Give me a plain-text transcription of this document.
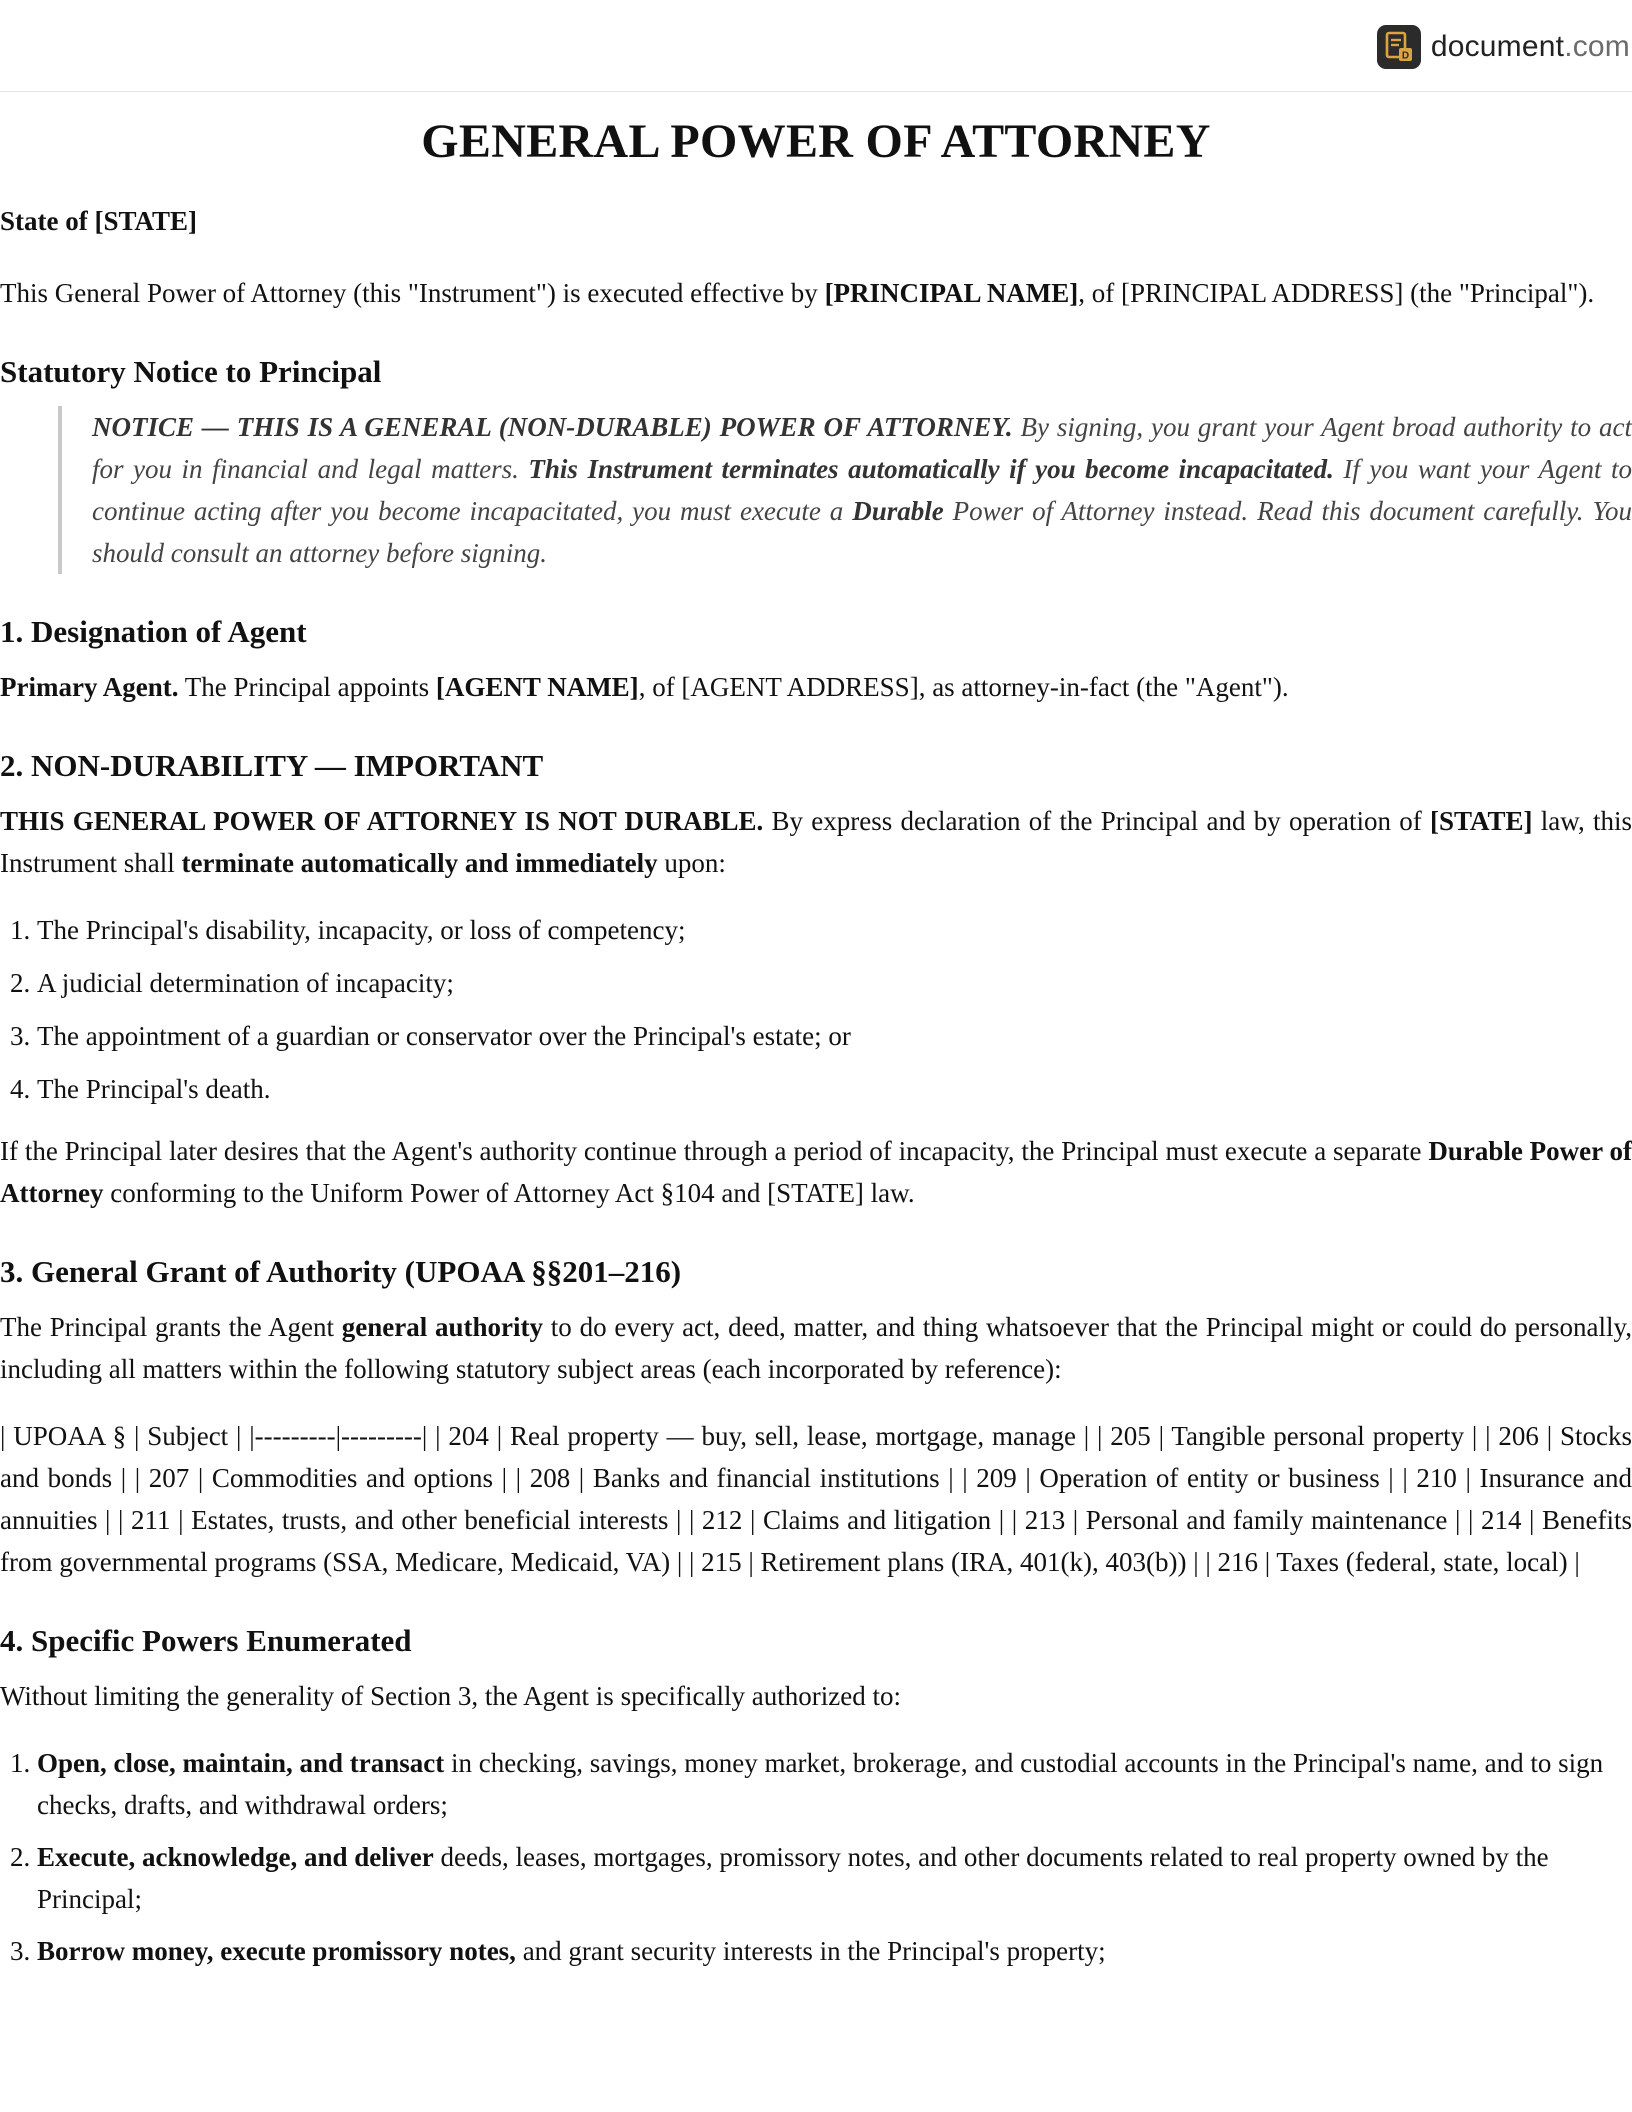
D document.com
GENERAL POWER OF ATTORNEY

State of [STATE]

This General Power of Attorney (this "Instrument") is executed effective by [PRINCIPAL NAME], of [PRINCIPAL ADDRESS] (the "Principal").

Statutory Notice to Principal
NOTICE — THIS IS A GENERAL (NON-DURABLE) POWER OF ATTORNEY. By signing, you grant your Agent broad authority to act for you in financial and legal matters. This Instrument terminates automatically if you become incapacitated. If you want your Agent to continue acting after you become incapacitated, you must execute a Durable Power of Attorney instead. Read this document carefully. You should consult an attorney before signing.
1. Designation of Agent

Primary Agent. The Principal appoints [AGENT NAME], of [AGENT ADDRESS], as attorney-in-fact (the "Agent").

2. NON-DURABILITY — IMPORTANT

THIS GENERAL POWER OF ATTORNEY IS NOT DURABLE. By express declaration of the Principal and by operation of [STATE] law, this Instrument shall terminate automatically and immediately upon:

1. The Principal's disability, incapacity, or loss of competency;
2. A judicial determination of incapacity;
3. The appointment of a guardian or conservator over the Principal's estate; or
4. The Principal's death.

If the Principal later desires that the Agent's authority continue through a period of incapacity, the Principal must execute a separate Durable Power of Attorney conforming to the Uniform Power of Attorney Act §104 and [STATE] law.

3. General Grant of Authority (UPOAA §§201–216)

The Principal grants the Agent general authority to do every act, deed, matter, and thing whatsoever that the Principal might or could do personally, including all matters within the following statutory subject areas (each incorporated by reference):

| UPOAA § | Subject | |---------|---------| | 204 | Real property — buy, sell, lease, mortgage, manage | | 205 | Tangible personal property | | 206 | Stocks and bonds | | 207 | Commodities and options | | 208 | Banks and financial institutions | | 209 | Operation of entity or business | | 210 | Insurance and annuities | | 211 | Estates, trusts, and other beneficial interests | | 212 | Claims and litigation | | 213 | Personal and family maintenance | | 214 | Benefits from governmental programs (SSA, Medicare, Medicaid, VA) | | 215 | Retirement plans (IRA, 401(k), 403(b)) | | 216 | Taxes (federal, state, local) |

4. Specific Powers Enumerated

Without limiting the generality of Section 3, the Agent is specifically authorized to:

1. Open, close, maintain, and transact in checking, savings, money market, brokerage, and custodial accounts in the Principal's name, and to sign checks, drafts, and withdrawal orders;
2. Execute, acknowledge, and deliver deeds, leases, mortgages, promissory notes, and other documents related to real property owned by the Principal;
3. Borrow money, execute promissory notes, and grant security interests in the Principal's property;
